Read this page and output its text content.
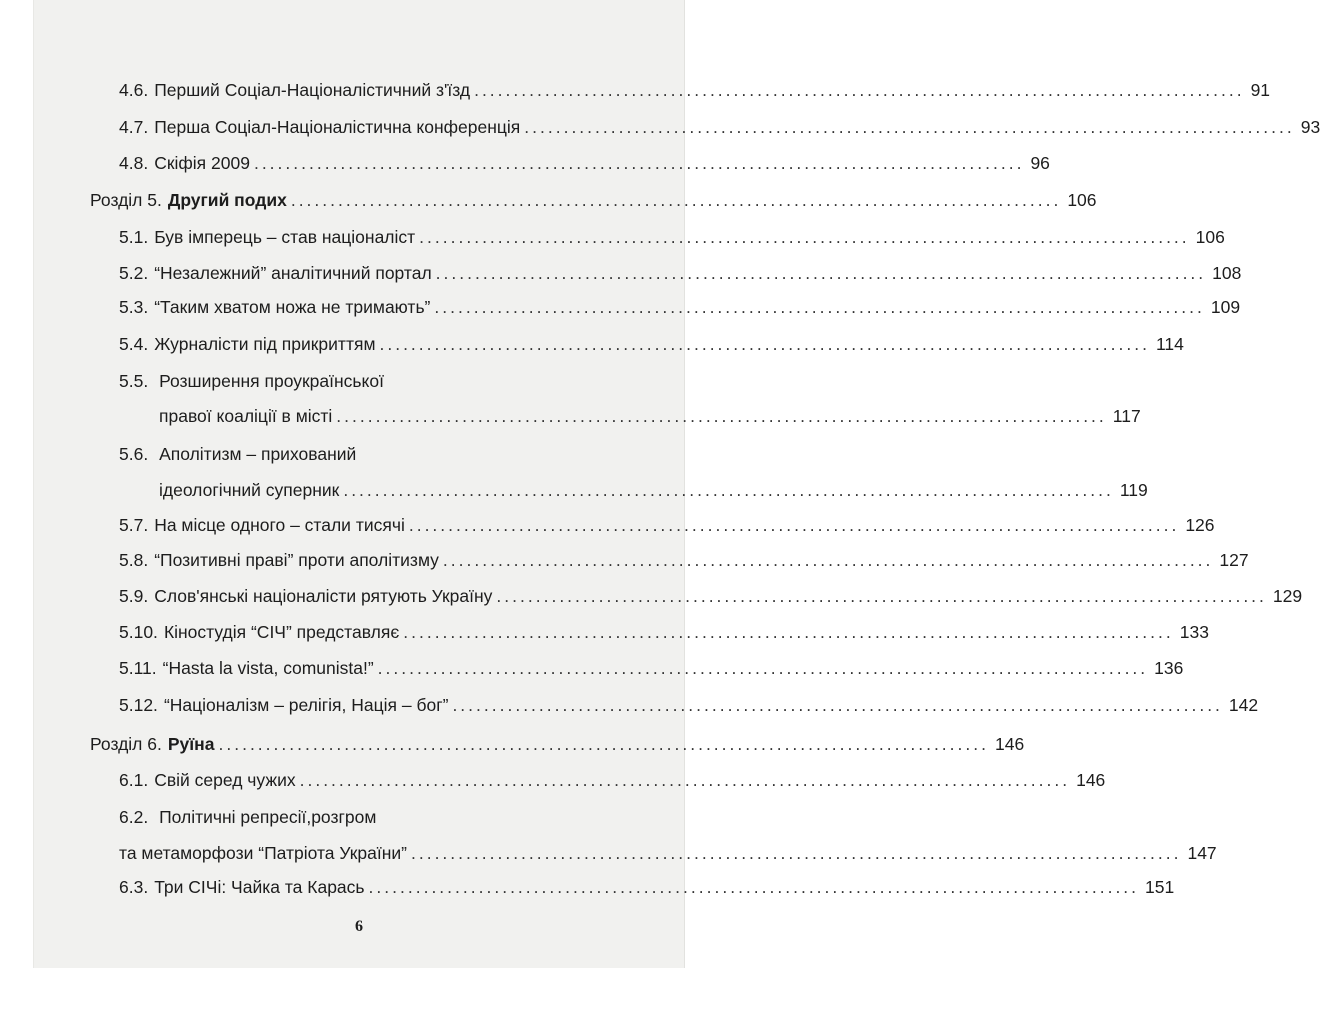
4.6. Перший Соціал-Націоналістичний з'їзд .................................................................................................. 91
4.7. Перша Соціал-Націоналістична конференція .................................................................................................. 93
4.8. Скіфія 2009 .................................................................................................. 96
Розділ 5. Другий подих .................................................................................................. 106
5.1. Був імперець – став націоналіст .................................................................................................. 106
5.2. “Незалежний” аналітичний портал .................................................................................................. 108
5.3. “Таким хватом ножа не тримають” .................................................................................................. 109
5.4. Журналісти під прикриттям .................................................................................................. 114
5.5. Розширення проукраїнської
правої коаліції в місті .................................................................................................. 117
5.6. Аполітизм – прихований
ідеологічний суперник .................................................................................................. 119
5.7. На місце одного – стали тисячі .................................................................................................. 126
5.8. “Позитивні праві” проти аполітизму .................................................................................................. 127
5.9. Слов'янські націоналісти рятують Україну .................................................................................................. 129
5.10. Кіностудія “СІЧ” представляє .................................................................................................. 133
5.11. “Hasta la vista, comunista!” .................................................................................................. 136
5.12. “Націоналізм – релігія, Нація – бог” .................................................................................................. 142
Розділ 6. Руїна .................................................................................................. 146
6.1. Свій серед чужих .................................................................................................. 146
6.2. Політичні репресії,розгром
та метаморфози “Патріота України” .................................................................................................. 147
6.3. Три СІЧі: Чайка та Карась .................................................................................................. 151
6
